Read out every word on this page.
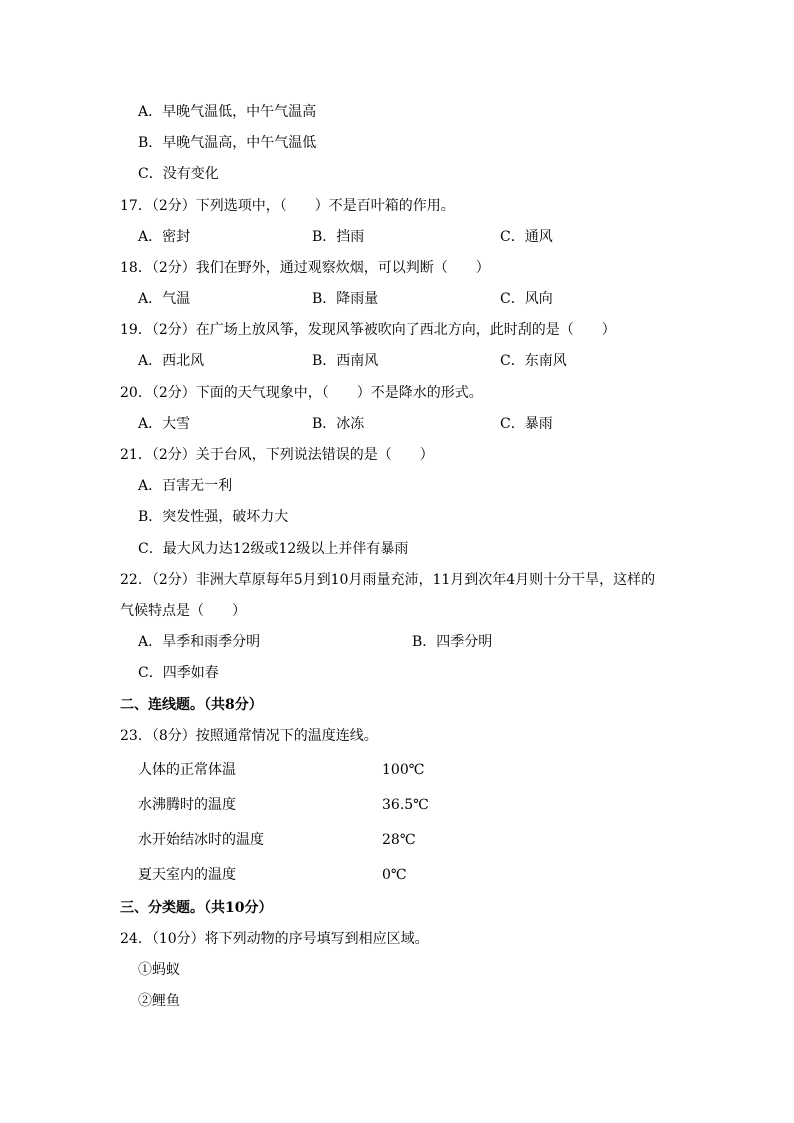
A．早晚气温低，中午气温高
B．早晚气温高，中午气温低
C．没有变化
17．（2分）下列选项中，（　　）不是百叶箱的作用。
A．密封	B．挡雨	C．通风
18．（2分）我们在野外，通过观察炊烟，可以判断（　　）
A．气温	B．降雨量	C．风向
19．（2分）在广场上放风筝，发现风筝被吹向了西北方向，此时刮的是（　　）
A．西北风	B．西南风	C．东南风
20．（2分）下面的天气现象中，（　　）不是降水的形式。
A．大雪	B．冰冻	C．暴雨
21．（2分）关于台风，下列说法错误的是（　　）
A．百害无一利
B．突发性强，破坏力大
C．最大风力达12级或12级以上并伴有暴雨
22．（2分）非洲大草原每年5月到10月雨量充沛，11月到次年4月则十分干旱，这样的
气候特点是（　　）
A．旱季和雨季分明	B．四季分明
C．四季如春
二、连线题。（共8分）
23．（8分）按照通常情况下的温度连线。
人体的正常体温	100℃
水沸腾时的温度	36.5℃
水开始结冰时的温度	28℃
夏天室内的温度	0℃
三、分类题。（共10分）
24．（10分）将下列动物的序号填写到相应区域。
①蚂蚁
②鲤鱼
